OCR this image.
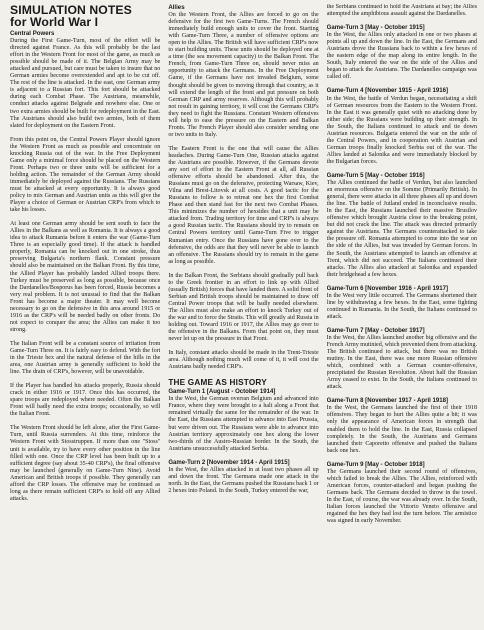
SIMULATION NOTES
for World War I
Central Powers

During the First Game-Turn, most of the effort will be directed against France. As this will probably be the last effort in the Western Front for most of the game, as much as possible should be made of it. The Belgian Army may be attacked and pursued, but care must be taken to insure that no German armies become overextended and apt to be cut off. The rest of the line is attacked. In the east, one German army is adjacent to a Russian fort. This fort should be attacked during each Combat Phase. The Austrians, meanwhile, conduct attacks against Belgrade and nowhere else. One or two extra armies should be built for redeployment in the East. The Austrians should also build two armies, both of them slated for deployment on the Eastern Front.

From this point on, the Central Powers Player should ignore the Western Front as much as possible and concentrate on knocking Russia out of the war. In the Free Deployment Game only a minimal force should be placed on the Western Front. Perhaps two or three units will be sufficient for a holding action. The remainder of the German Army should immediately be deployed against the Russians. The Russians must be attacked at every opportunity. It is always good policy to mix German and Austrian units as this will give the Player a choice of German or Austrian CRP's from which to take his losses.

At least one German army should be sent south to face the Allies in the Balkans as well as Romania. It is always a good idea to attack Rumania before it enters the war (Game-Turn Three is an especially good time). If the attack is handled properly, Romania can be knocked out in one stroke, thus preserving Bulgaria's northern flank. Constant pressure should also be maintained on the Balkan Front. By this time, the Allied Player has probably landed Allied troops there. Turkey must be preserved as long as possible, because once the Dardanelles/Bosporus has been forced, Russia becomes a very real problem. It is not unusual to find that the Balkan Front has become a major theater. It may well become necessary to go on the defensive in this area around 1915 or 1916 as the CRP's will be needed badly on other fronts. Do not expect to conquer the area; the Allies can make it too strong.

The Italian Front will be a constant source of irritation from Game-Turn Three on. It is fairly easy to defend. With the fort in the Trieste hex and the natural defense of the hills in the area, one Austrian army is generally sufficient to hold the line. The drain of CRP's, however, will be unavoidable.

If the Player has handled his attacks properly, Russia should crack in either 1916 or 1917. Once this has occurred, the spare troops are redeployed where needed. Often the Balkan Front will badly need the extra troops; occasionally, so will the Italian Front.

The Western Front should be left alone, after the First Game-Turn, until Russia surrenders. At this time, reinforce the Western Front with Stosstruppen. If more than one "Stoss" unit is available, try to have every other position in the line filled with one. Once the CRP level has been built up to a sufficient degree (say about 35-40 CRP's), the final offensive may be launched (generally on Game-Turn Nine). Avoid American and British troops if possible. They generally can afford the CRP losses. The offensive may be continued as long as there remain sufficient CRP's to hold off any Allied attacks.

Allies

On the Western Front, the Allies are forced to go on the defensive for the first two Game-Turns. The French should immediately build enough units to cover the front. Starting with Game-Turn Three, a number of offensive options are open to the Allies. The British will have sufficient CRP's now to start building units. These units should be deployed one at a time (the sea movement capacity) to the Balkan Front. The French, from Game-Turn Three on, should never miss an opportunity to attack the Germans. In the Free Deployment Game, if the Germans have not invaded Belgium, some thought should be given to moving through that country, as it will extend the length of the front and put pressure on both German CRP and army reserves. Although this will probably not result in gaining territory, it will cost the Germans CRP's they need to fight the Russians. Constant Western offensives will help to ease the pressure on the Eastern and Balkan Fronts. The French Player should also consider sending one or two units to Italy.

The Eastern Front is the one that will cause the Allies headaches. During Game-Turn One, Russian attacks against the Austrians are possible. However, if the Germans devote any sort of effort to the Eastern Front at all, all Russian offensive efforts should be abandoned. After this, the Russians must go on the defensive, protecting Warsaw, Kiev, Vilna and Brest-Litovsk at all costs. A good tactic for the Russians to follow is to retreat one hex the first Combat Phase and then stand fast for the next two Combat Phases. This minimizes the number of hexsides that a unit may be attacked from. Trading territory for time and CRP's is always a good Russian tactic. The Russians should try to remain on Central Powers territory until Game-Turn Five to trigger Rumanian entry. Once the Russians have gone over to the defensive, the odds are that they will never be able to launch an offensive. The Russians should try to remain in the game as long as possible.

In the Balkan Front, the Serbians should gradually pull back to the Greek frontier in an effort to link up with Allied (usually British) forces that have landed there. A solid front of Serbian and British troops should be maintained to draw off Central Power troops that will be badly needed elsewhere. The Allies must also make an effort to knock Turkey out of the war and to force the Straits. This will greatly aid Russia in holding out. Toward 1916 or 1917, the Allies may go over to the offensive in the Balkans. From that point on, they must never let up on the pressure in that Front.

In Italy, constant attacks should be made in the Trent-Trieste area. Although nothing much will come of it, it will cost the Austrians badly needed CRP's.

THE GAME AS HISTORY
Game-Turn 1 [August - October 1914]

In the West, the German overran Belgium and advanced into France, where they were brought to a halt along a Front that remained virtually the same for the remainder of the war. In the East, the Russians attempted to advance into East Prussia, but were driven out. The Russians were able to advance into Austrian territory approximately one hex along the lower two-thirds of the Austro-Russian border. In the South, the Austrians unsuccessfully attacked Serbia.

Game-Turn 2 [November 1914 - April 1915]

In the West, the Allies attacked in at least two phases all up and down the front. The Germans made one attack in the north. In the East, the Germans pushed the Russians back 1 or 2 hexes into Poland. In the South, Turkey entered the war,

the Serbians continued to hold the Austrians at bay; the Allies attempted the amphibious assault against the Dardanelles.

Game-Turn 3 [May - October 1915]

In the West, the Allies only attacked in one or two phases at points all up and down the line. In the East, the Germans and Austrians drove the Russians back to within a few hexes of the eastern edge of the map along its entire length. In the South, Italy entered the war on the side of the Allies and began to attack the Austrians. The Dardanelles campaign was called off.

Game-Turn 4 [November 1915 - April 1916]

In the West, the battle of Verdun began, necessitating a shift of German resources from the Eastern to the Western Front. In the East it was generally quiet with no attacking done by either side; the Russians were building up their strength. In the South, the Italians continued to attack and tie down Austrian resources. Bulgaria entered the war on the side of the Central Powers, and in cooperation with Austrian and German troops finally knocked Serbia out of the war. The Allies landed at Salonika and were immediately blocked by the Bulgarian forces.

Game-Turn 5 [May - October 1916]

The Allies continued the battle of Verdun, but also launched an enormous offensive on the Somme (Primarily British). In general, there were attacks in all three phases all up and down the line. The battle of Jutland ended in inconclusive results. In the East, the Russians launched their massive Brusilov offensive which brought Austria close to the breaking point, but did not crack the line. The attack was directed primarily against the Austrians. The Germans counterattacked to take the pressure off. Romania attempted to come into the war on the side of the Allies, but was invaded by German forces. In the South, the Austrians attempted to launch an offensive at Trent, which did not succeed. The Italians continued their attacks. The Allies also attacked at Salonika and expanded their bridgehead a few hexes.

Game-Turn 6 [November 1916 - April 1917]

In the West very little occurred. The Germans shortened their line by withdrawing a few hexes. In the East, some fighting continued in Rumania. In the South, the Italians continued to attack.

Game-Turn 7 [May - October 1917]

In the West, the Allies launched another big offensive and the French Army mutinied, which prevented them from attacking. The British continued to attack, but there was no British mutiny. In the East, there was one more Russian offensive which, combined with a German counter-offensive, precipitated the Russian Revolution. About half the Russian Army ceased to exist. In the South, the Italians continued to attack.

Game-Turn 8 [November 1917 - April 1918]

In the West, the Germans launched the first of their 1918 offensives. They began to hurt the Allies quite a bit; it was only the appearance of American forces in strength that enabled them to hold the line. In the East, Russia collapsed completely. In the South, the Austrians and Germans launched their Caporetto offensive and pushed the Italians back one hex.

Game-Turn 9 [May - October 1918]

The Germans launched their second round of offensives, which failed to break the Allies. The Allies, reinforced with American forces, counter-attacked and began pushing the Germans back. The Germans decided to throw in the towel. In the East, of course, the war was already over. In the South, Italian forces launched the Vittorio Veneto offensive and regained the hex they had lost the turn before. The armistice was signed in early November.
